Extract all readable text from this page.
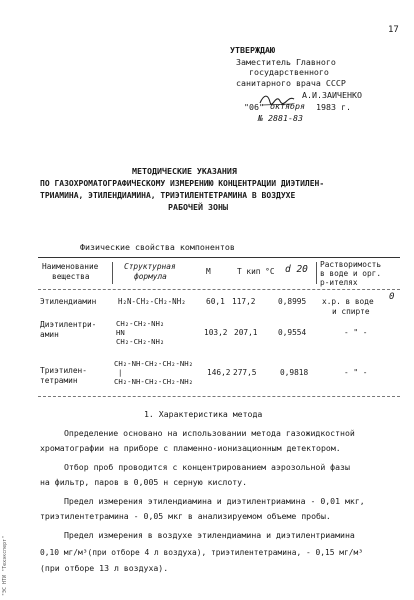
17
УТВЕРЖДАЮ
Заместитель Главного
государственного
санитарного врача СССР
А.И.ЗАИЧЕНКО
"06" октября 1983 г.
№ 2881-83
МЕТОДИЧЕСКИЕ УКАЗАНИЯ
ПО ГАЗОХРОМАТОГРАФИЧЕСКОМУ ИЗМЕРЕНИЮ КОНЦЕНТРАЦИИ ДИЭТИЛЕН-
ТРИАМИНА, ЭТИЛЕНДИАМИНА, ТРИЭТИЛЕНТЕТРАМИНА В ВОЗДУХЕ
РАБОЧЕЙ ЗОНЫ
Физические свойства компонентов
Наименование
вещества
Структурная
формула
М	Т кип °С d 20 Растворимость
в воде и орг.
р-ителях
Этилендиамин	H₂N-CH₂-CH₂-NH₂	60,1 117,2	0,8995 х.р. в воде
и спирте
0
Диэтилентри-
амин
CH₂-CH₂-NH₂
HN
CH₂-CH₂-NH₂
103,2 207,1	0,9554	- " -
Триэтилен-
тетрамин
CH₂-NH-CH₂-CH₂-NH₂
|
CH₂-NH-CH₂-CH₂-NH₂
146,2 277,5	0,9818	- " -
1. Характеристика метода
Определение основано на использовании метода газожидкостной
хроматографии на приборе с пламенно-ионизационным детектором.
Отбор проб проводится с концентрированием аэрозольной фазы
на фильтр, паров в 0,005 н серную кислоту.
Предел измерения этилендиамина и диэтилентриамина - 0,01 мкг,
триэтилентетрамина - 0,05 мкг в анализируемом объеме пробы.
Предел измерения в воздухе этилендиамина и диэтилентриамина
0,10 мг/м³(при отборе 4 л воздуха), триэтилентетрамина, - 0,15 мг/м³
(при отборе 13 л воздуха).
"ЭС НТИ "Техэксперт"
